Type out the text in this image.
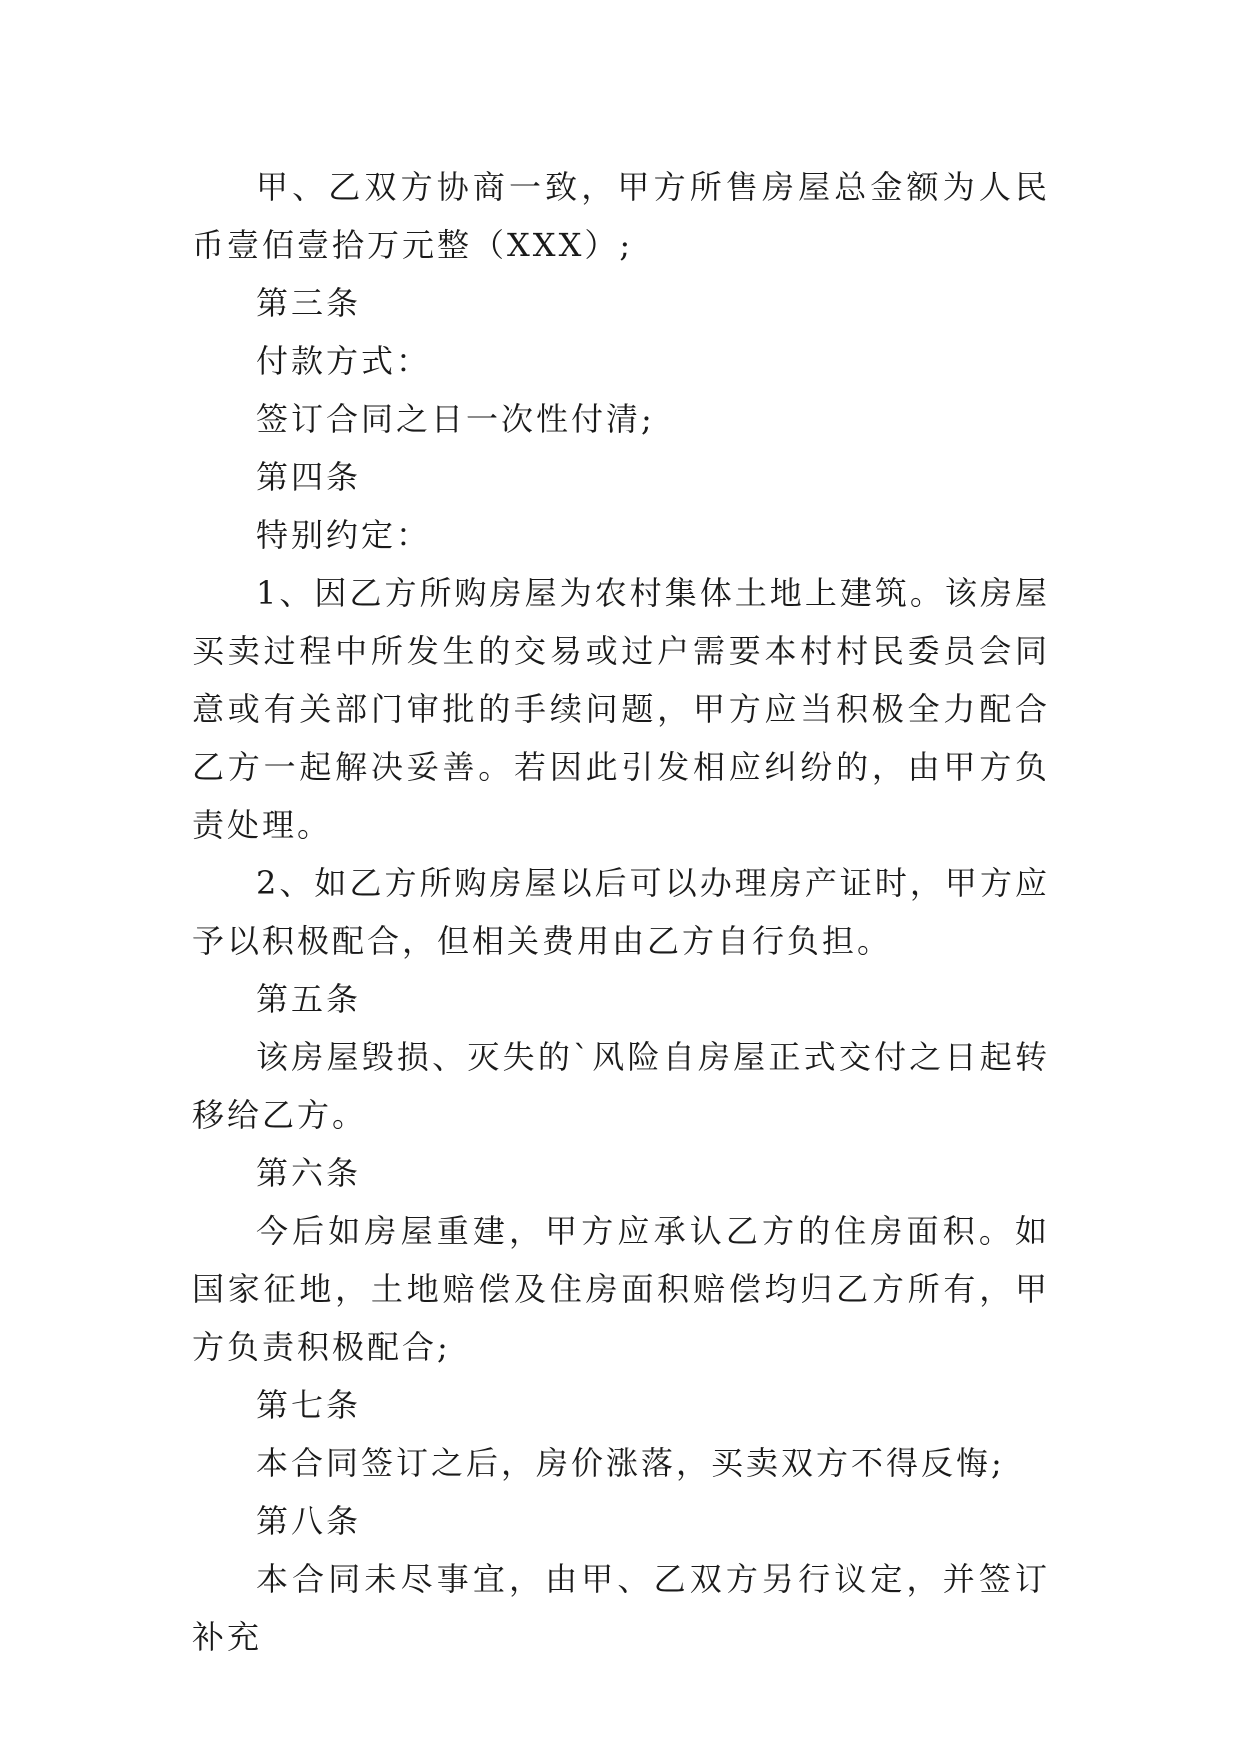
甲、乙双方协商一致，甲方所售房屋总金额为人民币壹佰壹拾万元整（XXX）;

第三条

付款方式：

签订合同之日一次性付清;

第四条

特别约定：

1、因乙方所购房屋为农村集体土地上建筑。该房屋买卖过程中所发生的交易或过户需要本村村民委员会同意或有关部门审批的手续问题，甲方应当积极全力配合乙方一起解决妥善。若因此引发相应纠纷的，由甲方负责处理。

2、如乙方所购房屋以后可以办理房产证时，甲方应予以积极配合，但相关费用由乙方自行负担。

第五条

该房屋毁损、灭失的`风险自房屋正式交付之日起转移给乙方。

第六条

今后如房屋重建，甲方应承认乙方的住房面积。如国家征地，土地赔偿及住房面积赔偿均归乙方所有，甲方负责积极配合;

第七条

本合同签订之后，房价涨落，买卖双方不得反悔;

第八条

本合同未尽事宜，由甲、乙双方另行议定，并签订补充
